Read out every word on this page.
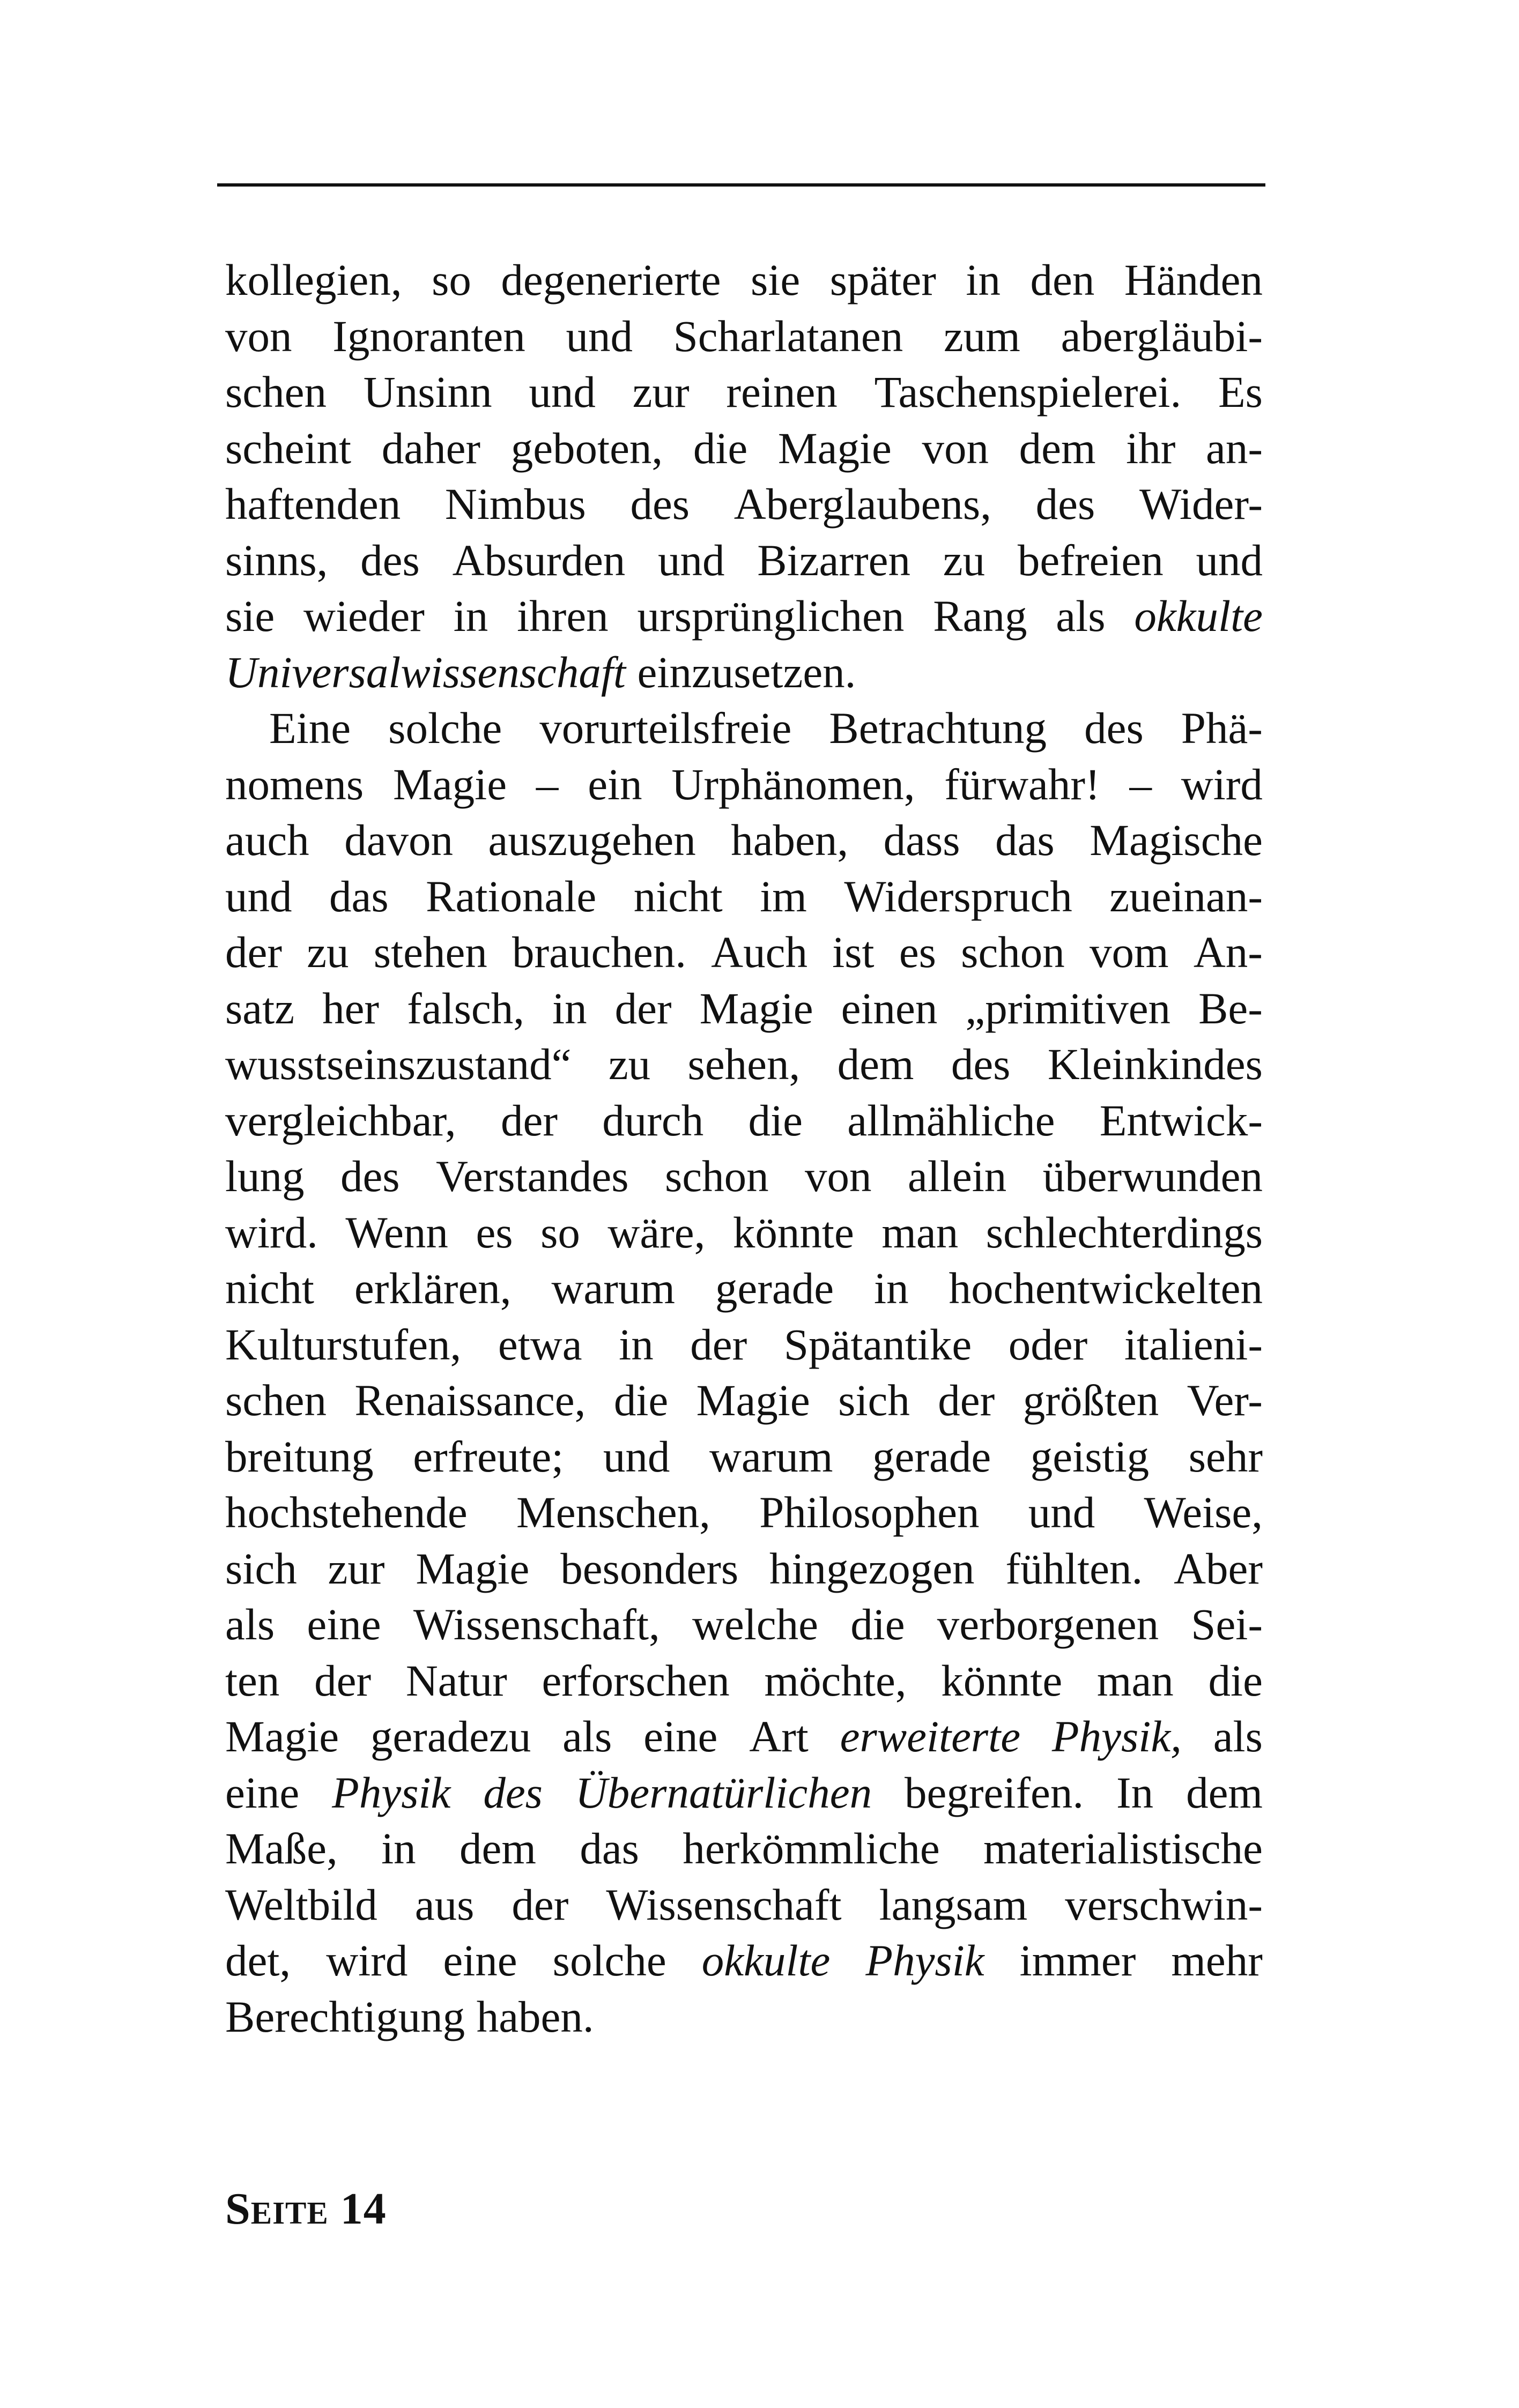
kollegien, so degenerierte sie später in den Händen
von Ignoranten und Scharlatanen zum abergläubi-
schen Unsinn und zur reinen Taschenspielerei. Es
scheint daher geboten, die Magie von dem ihr an-
haftenden Nimbus des Aberglaubens, des Wider-
sinns, des Absurden und Bizarren zu befreien und
sie wieder in ihren ursprünglichen Rang als okkulte
Universalwissenschaft einzusetzen.
Eine solche vorurteilsfreie Betrachtung des Phä-
nomens Magie – ein Urphänomen, fürwahr! – wird
auch davon auszugehen haben, dass das Magische
und das Rationale nicht im Widerspruch zueinan-
der zu stehen brauchen. Auch ist es schon vom An-
satz her falsch, in der Magie einen „primitiven Be-
wusstseinszustand“ zu sehen, dem des Kleinkindes
vergleichbar, der durch die allmähliche Entwick-
lung des Verstandes schon von allein überwunden
wird. Wenn es so wäre, könnte man schlechterdings
nicht erklären, warum gerade in hochentwickelten
Kulturstufen, etwa in der Spätantike oder italieni-
schen Renaissance, die Magie sich der größten Ver-
breitung erfreute; und warum gerade geistig sehr
hochstehende Menschen, Philosophen und Weise,
sich zur Magie besonders hingezogen fühlten. Aber
als eine Wissenschaft, welche die verborgenen Sei-
ten der Natur erforschen möchte, könnte man die
Magie geradezu als eine Art erweiterte Physik, als
eine Physik des Übernatürlichen begreifen. In dem
Maße, in dem das herkömmliche materialistische
Weltbild aus der Wissenschaft langsam verschwin-
det, wird eine solche okkulte Physik immer mehr
Berechtigung haben.
Seite 14
